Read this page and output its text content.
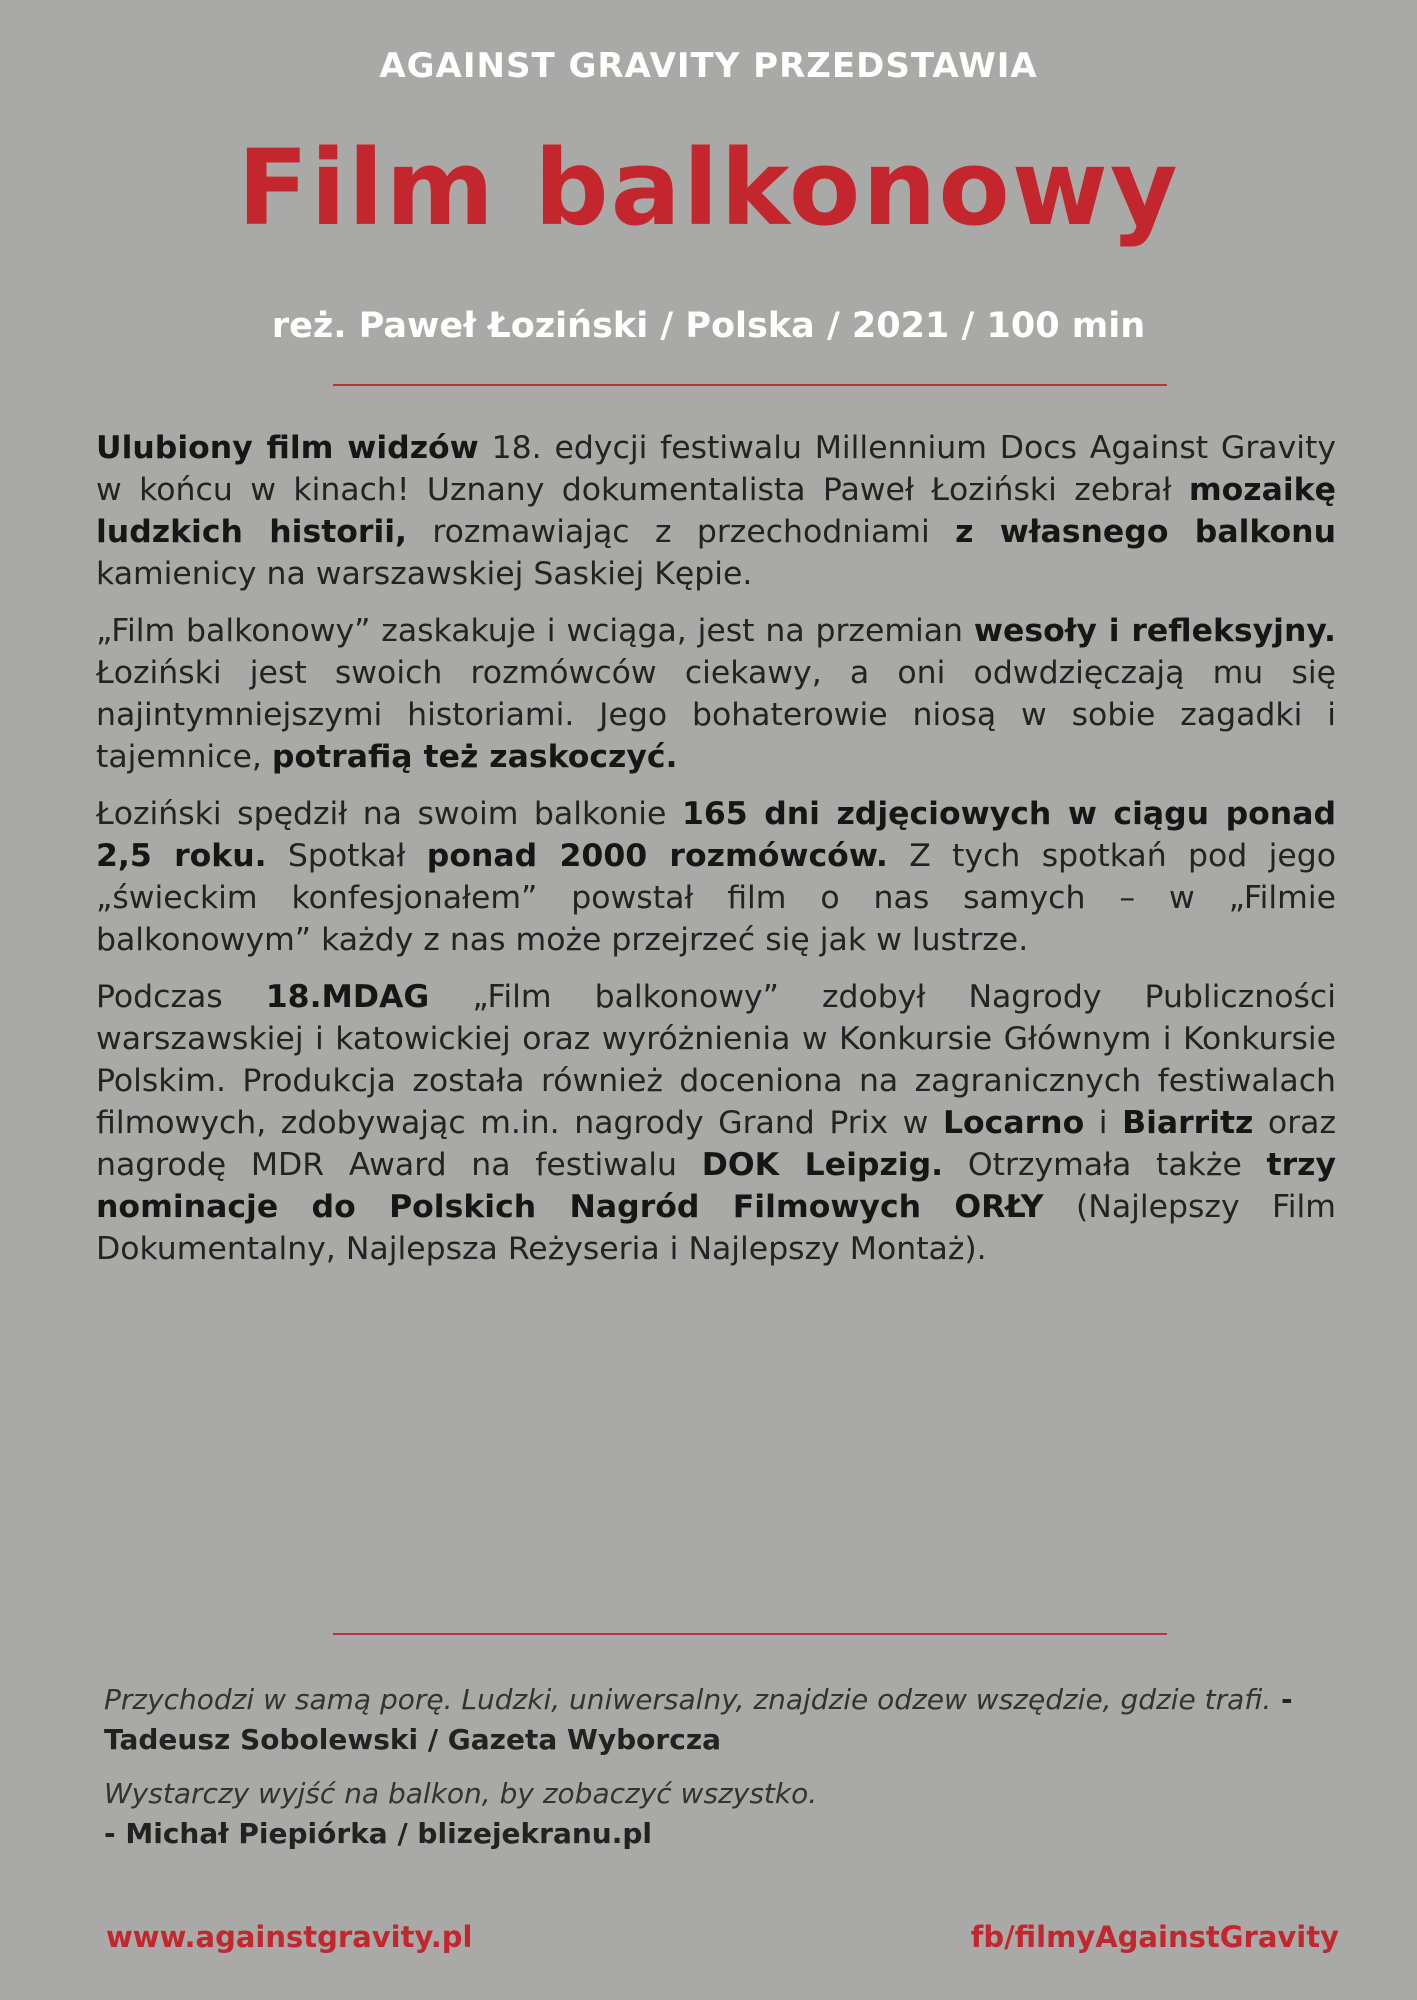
AGAINST GRAVITY PRZEDSTAWIA
Film balkonowy
reż. Paweł Łoziński / Polska / 2021 / 100 min

Ulubiony film widzów 18. edycji festiwalu Millennium Docs Against Gravity w końcu w kinach! Uznany dokumentalista Paweł Łoziński zebrał mozaikę ludzkich historii, rozmawiając z przechodniami z własnego balkonu kamienicy na warszawskiej Saskiej Kępie.

„Film balkonowy” zaskakuje i wciąga, jest na przemian wesoły i refleksyjny. Łoziński jest swoich rozmówców ciekawy, a oni odwdzięczają mu się najintymniejszymi historiami. Jego bohaterowie niosą w sobie zagadki i tajemnice, potrafią też zaskoczyć.

Łoziński spędził na swoim balkonie 165 dni zdjęciowych w ciągu ponad 2,5 roku. Spotkał ponad 2000 rozmówców. Z tych spotkań pod jego „świeckim konfesjonałem” powstał film o nas samych – w „Filmie balkonowym” każdy z nas może przejrzeć się jak w lustrze.

Podczas 18.MDAG „Film balkonowy” zdobył Nagrody Publiczności warszawskiej i katowickiej oraz wyróżnienia w Konkursie Głównym i Konkursie Polskim. Produkcja została również doceniona na zagranicznych festiwalach filmowych, zdobywając m.in. nagrody Grand Prix w Locarno i Biarritz oraz nagrodę MDR Award na festiwalu DOK Leipzig. Otrzymała także trzy nominacje do Polskich Nagród Filmowych ORŁY (Najlepszy Film Dokumentalny, Najlepsza Reżyseria i Najlepszy Montaż).

Przychodzi w samą porę. Ludzki, uniwersalny, znajdzie odzew wszędzie, gdzie trafi. - Tadeusz Sobolewski / Gazeta Wyborcza
Wystarczy wyjść na balkon, by zobaczyć wszystko.
- Michał Piepiórka / blizejekranu.pl
www.againstgravity.pl	fb/filmyAgainstGravity
